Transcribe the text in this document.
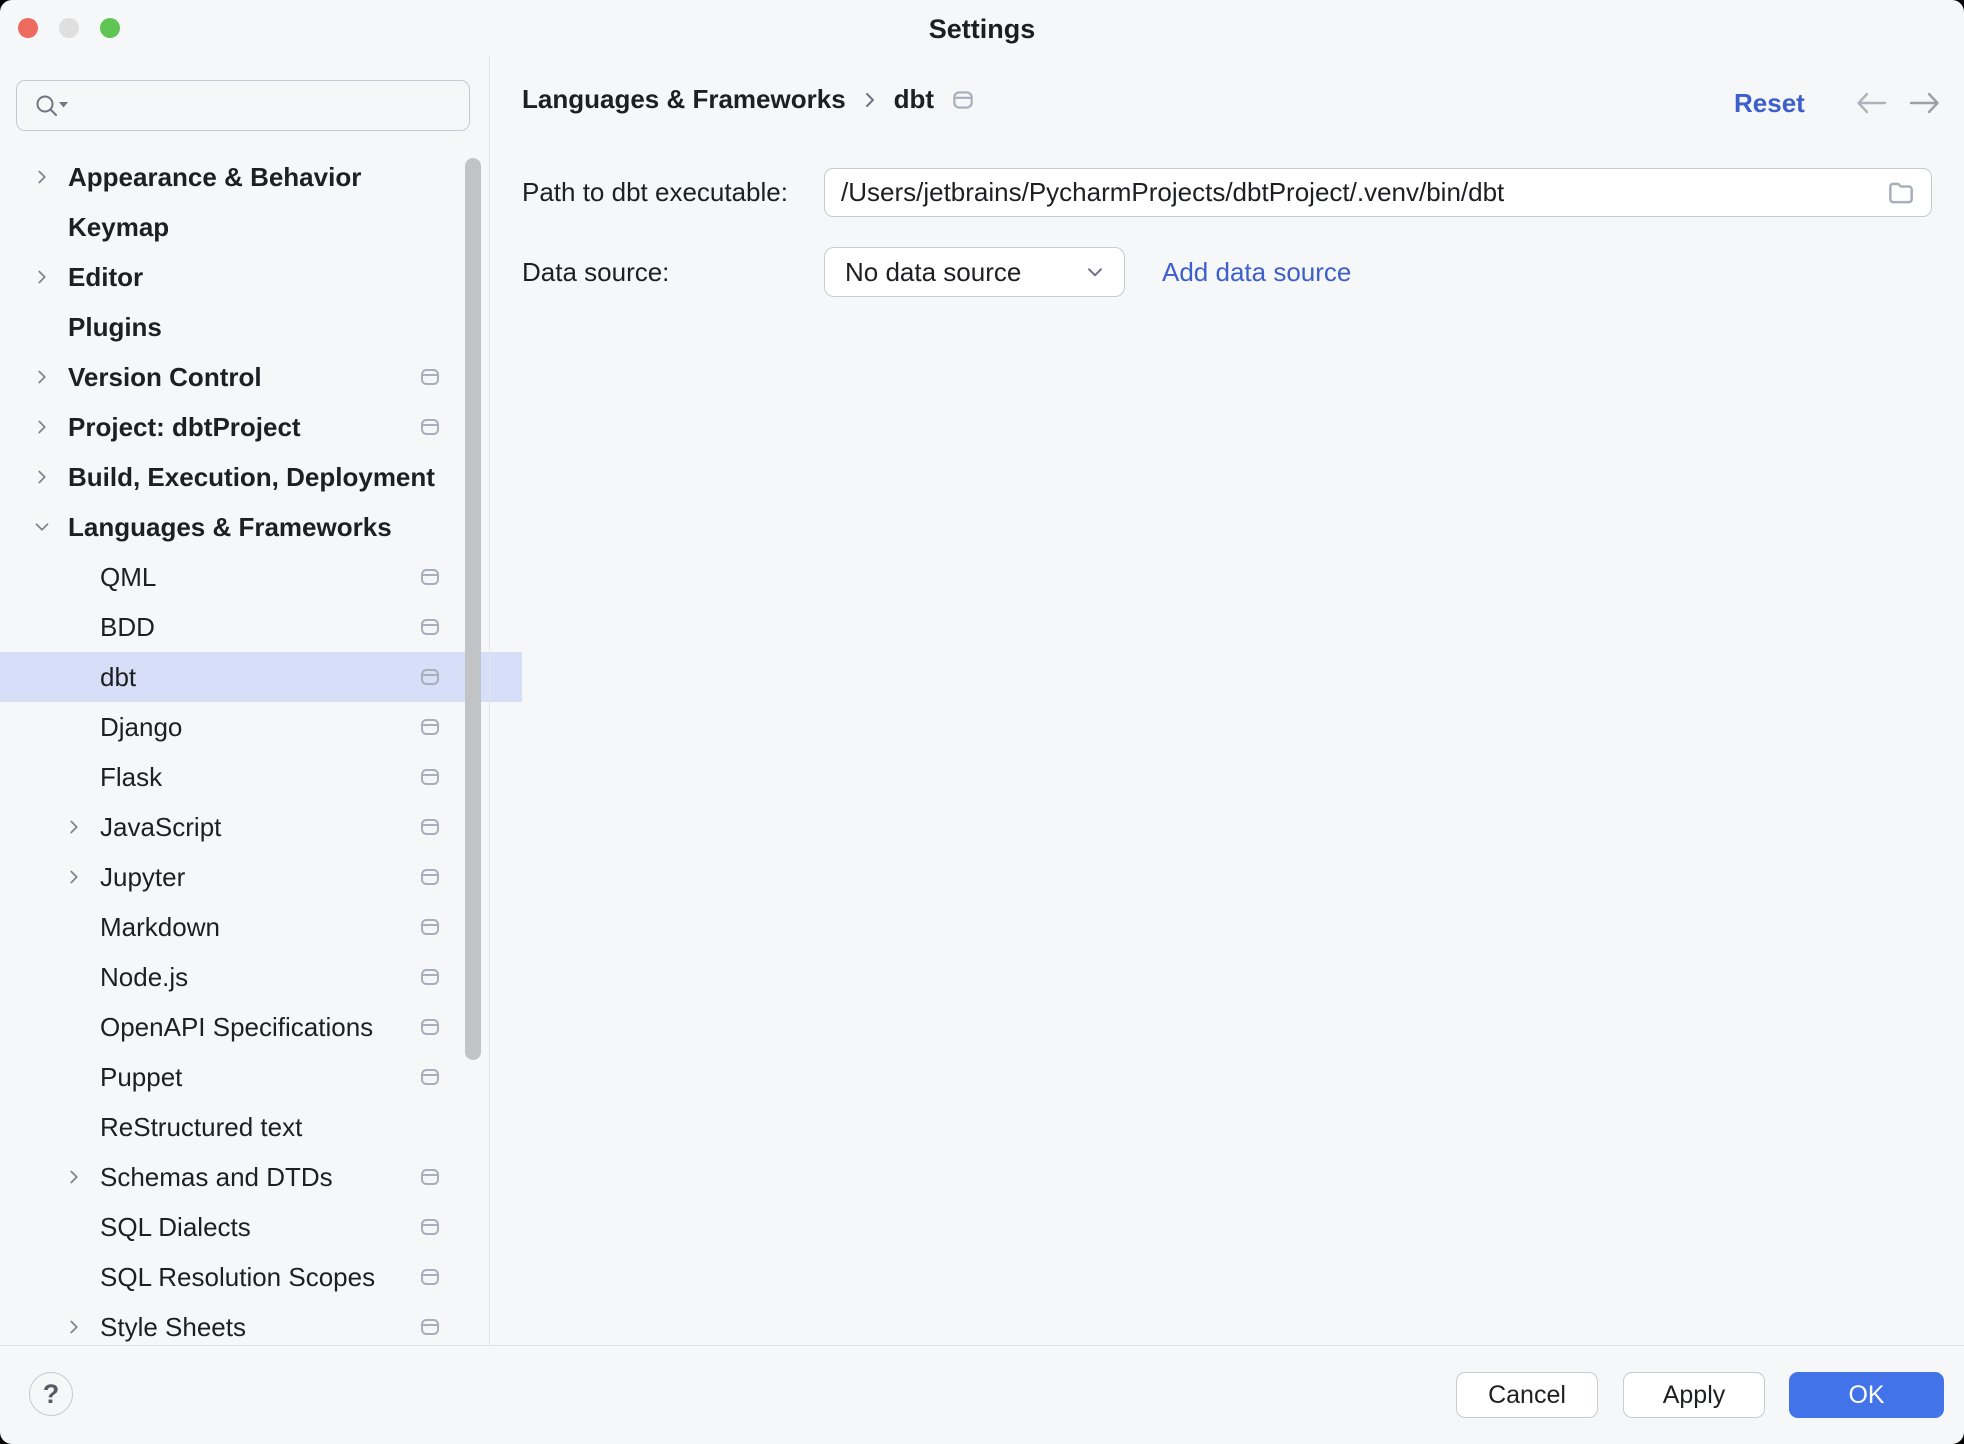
Settings
Appearance & Behavior
Keymap
Editor
Plugins
Version Control
Project: dbtProject
Build, Execution, Deployment
Languages & Frameworks
QML
BDD
dbt
Django
Flask
JavaScript
Jupyter
Markdown
Node.js
OpenAPI Specifications
Puppet
ReStructured text
Schemas and DTDs
SQL Dialects
SQL Resolution Scopes
Style Sheets
Languages & Frameworks dbt	Reset
Path to dbt executable:
/Users/jetbrains/PycharmProjects/dbtProject/.venv/bin/dbt
Data source:	No data source	Add data source
?	Cancel	Apply	OK
